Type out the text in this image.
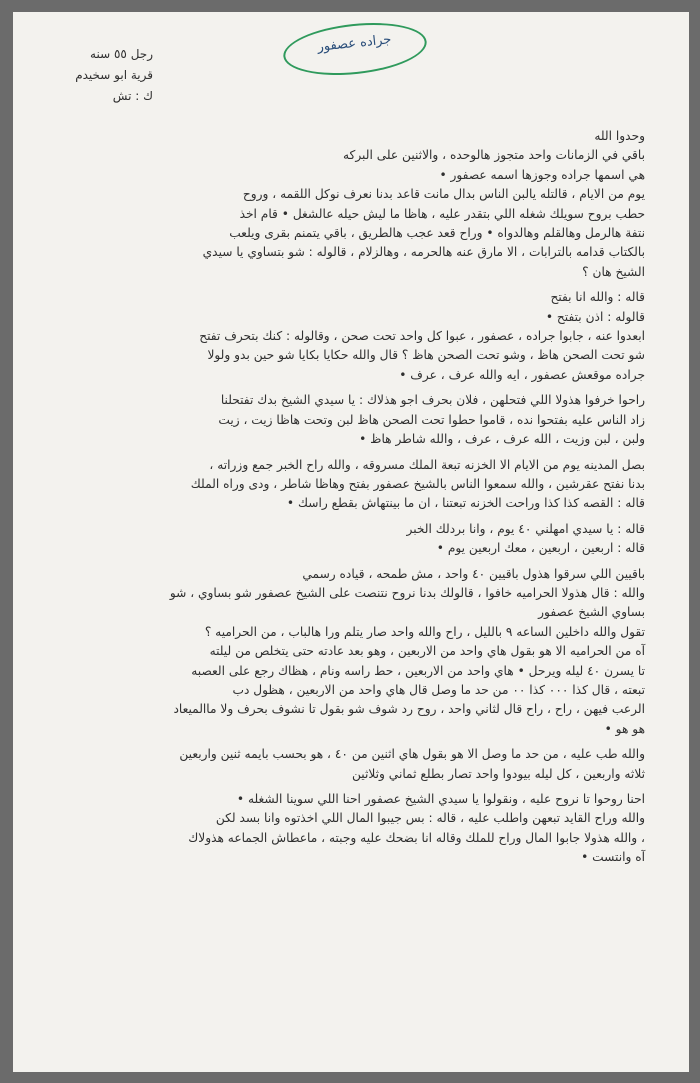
جراده عصفور
رجل ٥٥ سنه
قرية ابو سخيدم
ك : تش
وحدوا الله
باقي في الزمانات واحد متجوز هالوحده ، والاثنين على البركه
هي اسمها جراده وجوزها اسمه عصفور •
يوم من الايام ، قالتله يالبن الناس بدال مانت قاعد بدنا نعرف نوكل اللقمه ، وروح
حطب بروح سويلك شغله اللي بتقدر عليه ، هاظا ما ليش حيله عالشغل • قام اخذ
نتفة هالرمل وهالقلم وهالدواه • وراح قعد عجب هالطريق ، باقي يتمنم بقرى ويلعب
بالكتاب قدامه بالترابات ، الا مارق عنه هالحرمه ، وهالزلام ، قالوله : شو بتساوي يا سيدي
الشيخ هان ؟
قاله : والله انا بفتح
قالوله : اذن بتفتح •
ابعدوا عنه ، جابوا جراده ، عصفور ، عبوا كل واحد تحت صحن ، وقالوله : كنك بتحرف تفتح
شو تحت الصحن هاظ ، وشو تحت الصحن هاظ ؟ قال والله حكايا بكايا شو حين بدو ولولا
جراده موقعش عصفور ، ايه والله عرف ، عرف •
راحوا خرفوا هذولا اللي فتحلهن ، فلان بحرف اجو هذلاك : يا سيدي الشيخ بدك تفتحلنا
زاد الناس عليه بفتحوا نده ، قاموا حطوا تحت الصحن هاظ لبن وتحت هاظا زيت ، زيت
ولبن ، لبن وزيت ، الله عرف ، عرف ، والله شاطر هاظ •
بصل المدينه يوم من الايام الا الخزنه تبعة الملك مسروقه ، والله راح الخبر جمع وزراته ،
بدنا نفتح عقرشين ، والله سمعوا الناس بالشيخ عصفور بفتح وهاظا شاطر ، ودى وراه الملك
قاله : القصه كذا كذا وراحت الخزنه تبعتنا ، ان ما بينتهاش بقطع راسك •
قاله : يا سيدي امهلني ٤٠ يوم ، وانا بردلك الخبر
قاله : اربعين ، اربعين ، معك اربعين يوم •
باقيين اللي سرقوا هذول باقيين ٤٠ واحد ، مش طمحه ، قياده رسمي
والله : قال هذولا الحراميه خافوا ، قالولك بدنا نروح نتنصت على الشيخ عصفور شو بساوي ، شو
بساوي الشيخ عصفور
تقول والله داخلين الساعه ٩ بالليل ، راح والله واحد صار يتلم ورا هالباب ، من الحراميه ؟
آه من الحراميه الا هو بقول هاي واحد من الاربعين ، وهو بعد عادته حتى يتخلص من ليلته
تا يسرن ٤٠ ليله ويرحل • هاي واحد من الاربعين ، حط راسه ونام ، هظاك رجع على العصبه
تبعته ، قال كذا ٠٠٠ كذا ٠٠ من حد ما وصل قال هاي واحد من الاربعين ، هظول دب
الرعب فيهن ، راح ، راح قال لثاني واحد ، روح رد شوف شو بقول تا نشوف بحرف ولا ماالميعاد
هو هو •
والله طب عليه ، من حد ما وصل الا هو بقول هاي اثنين من ٤٠ ، هو بحسب بايمه ثنين واربعين
ثلاثه واربعين ، كل ليله بيودوا واحد تصار بطلع ثماني وثلاثين
احنا روحوا تا نروح عليه ، ونقولوا يا سيدي الشيخ عصفور احنا اللي سوينا الشغله •
والله وراح القايد تبعهن واطلب عليه ، قاله : بس جيبوا المال اللي اخذتوه وانا بسد لكن
، والله هذولا جابوا المال وراح للملك وقاله انا بضحك عليه وجبته ، ماعطاش الجماعه هذولاك
آه وانتست •
